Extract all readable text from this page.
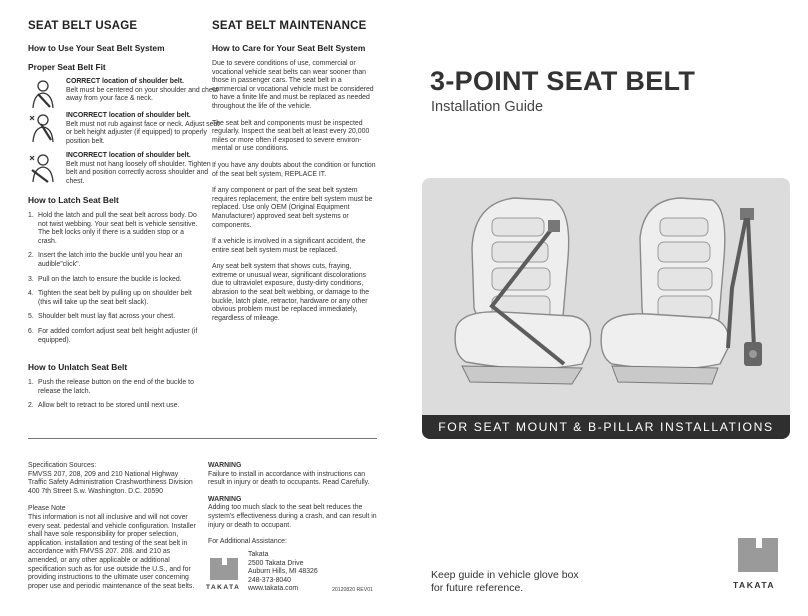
SEAT BELT USAGE
How to Use Your Seat Belt System
Proper Seat Belt Fit
CORRECT location of shoulder belt.
Belt must be centered on your shoulder and chest away from your face & neck.
INCORRECT location of shoulder belt.
Belt must not rub against face or neck. Adjust seat or belt height adjuster (if equipped) to properly position belt.
INCORRECT location of shoulder belt.
Belt must not hang loosely off shoulder. Tighten belt and position correctly across shoulder and chest.
How to Latch Seat Belt
1. Hold the latch and pull the seat belt across body. Do not twist webbing. Your seat belt is vehicle sensitive. The belt locks only if there is a sudden stop or a crash.
2. Insert the latch into the buckle until you hear an audible"click".
3. Pull on the latch to ensure the buckle is locked.
4. Tighten the seat belt by pulling up on shoulder belt (this will take up the seat belt slack).
5. Shoulder belt must lay flat across your chest.
6. For added comfort adjust seat belt height adjuster (if equipped).
How to Unlatch Seat Belt
1. Push the release button on the end of the buckle to release the latch.
2. Allow belt to retract to be stored until next use.
SEAT BELT MAINTENANCE
How to Care for Your Seat Belt System

Due to severe conditions of use, commercial or vocational vehicle seat belts can wear sooner than those in passenger cars. The seat belt in a commercial or vocational vehicle must be considered to have a finite life and must be replaced as needed throughout the life of the vehicle.

The seat belt and components must be inspected regularly. Inspect the seat belt at least every 20,000 miles or more often if exposed to severe environ-mental or use conditions.

If you have any doubts about the condition or function of the seat belt system, REPLACE IT.

If any component or part of the seat belt system requires replacement, the entire belt system must be replaced. Use only OEM (Original Equipment Manufacturer) approved seat belt systems or components.

If a vehicle is involved in a significant accident, the entire seat belt system must be replaced.

Any seat belt system that shows cuts, fraying, extreme or unusual wear, significant discolorations due to ultraviolet exposure, dusty-dirty conditions, abrasion to the seat belt webbing, or damage to the buckle, latch plate, retractor, hardware or any other obvious problem must be replaced immediately, regardless of mileage.

Specification Sources:
FMVSS 207, 208, 209 and 210 National Highway Traffic Safety Administration Crashworthiness Division 400 7th Street S.w. Washington. D.C. 20590
Please Note
This information is not all inclusive and will not cover every seat. pedestal and vehicle configuration. Installer shall have sole responsibility for proper selection, application. installation and testing of the seat belt in accordance with FMVSS 207. 208. and 210 as amended, or any other applicable or additional specification such as for use outside the U.S., and for providing instructions to the ultimate user concerning proper use and periodic maintenance of the seat belts.
WARNING
Failure to install in accordance with instructions can result in injury or death to occupants. Read Carefully.
WARNING
Adding too much slack to the seat belt reduces the system's effectiveness during a crash, and can result in injury or death to occupant.
For Additional Assistance:
TAKATA
Takata
2500 Takata Drive
Auburn Hills, MI 48326
248-373-8040
www.takata.com	20120820 REV01
3-POINT SEAT BELT
Installation Guide
FOR SEAT MOUNT & B-PILLAR INSTALLATIONS
Keep guide in vehicle glove box
for future reference.	TAKATA
